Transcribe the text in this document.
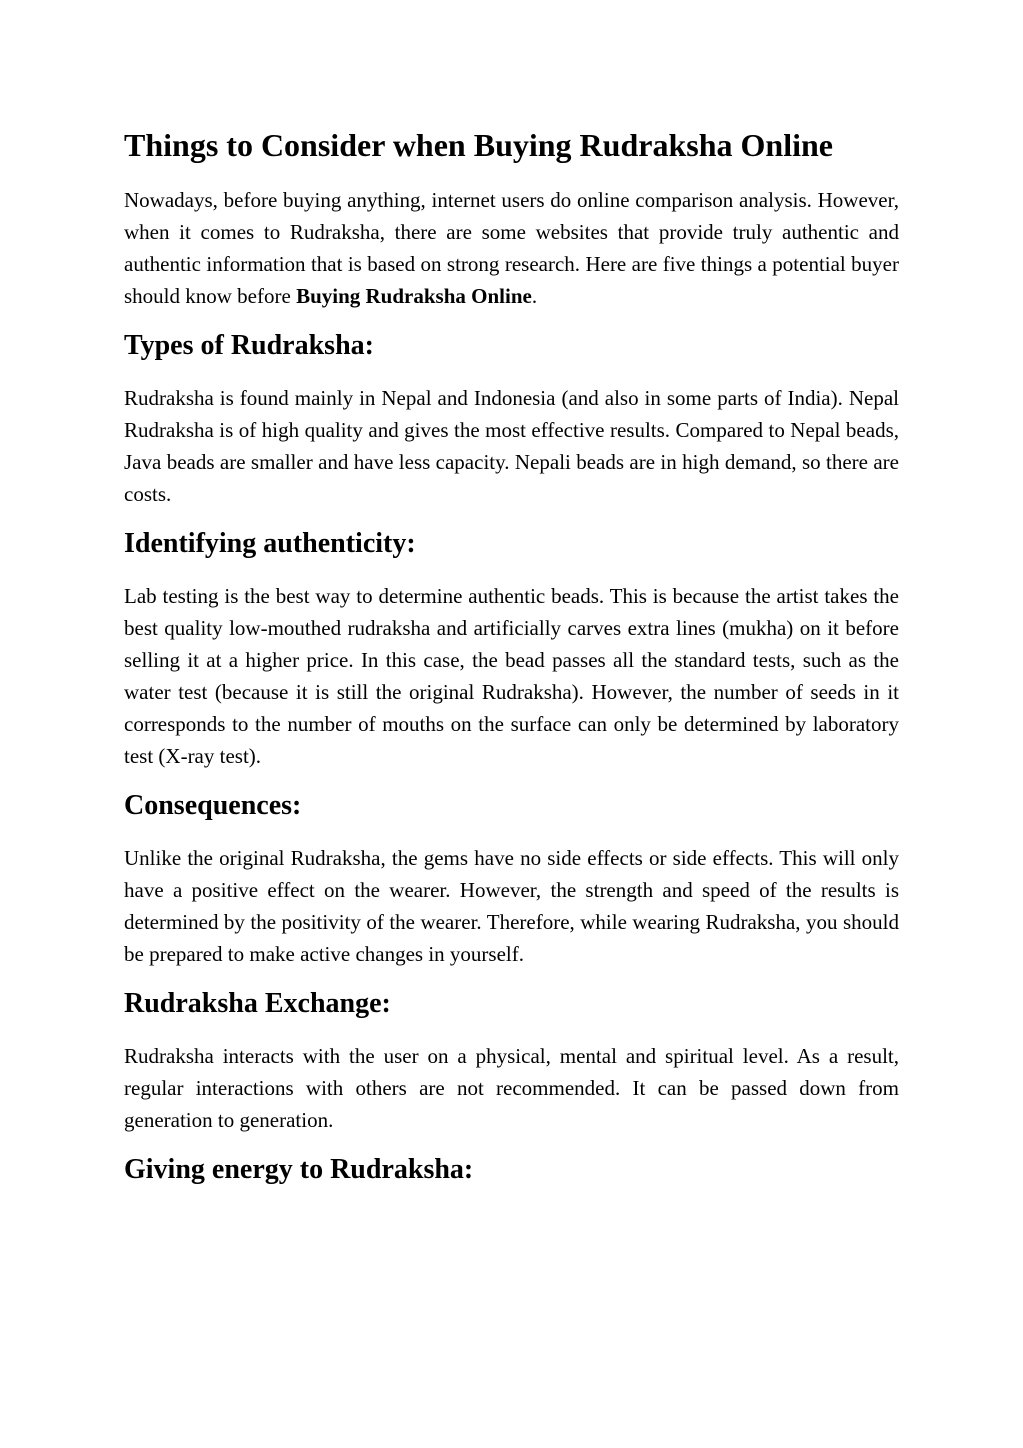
Things to Consider when Buying Rudraksha Online

Nowadays, before buying anything, internet users do online comparison analysis. However, when it comes to Rudraksha, there are some websites that provide truly authentic and authentic information that is based on strong research. Here are five things a potential buyer should know before Buying Rudraksha Online.

Types of Rudraksha:

Rudraksha is found mainly in Nepal and Indonesia (and also in some parts of India). Nepal Rudraksha is of high quality and gives the most effective results. Compared to Nepal beads, Java beads are smaller and have less capacity. Nepali beads are in high demand, so there are costs.

Identifying authenticity:

Lab testing is the best way to determine authentic beads. This is because the artist takes the best quality low-mouthed rudraksha and artificially carves extra lines (mukha) on it before selling it at a higher price. In this case, the bead passes all the standard tests, such as the water test (because it is still the original Rudraksha). However, the number of seeds in it corresponds to the number of mouths on the surface can only be determined by laboratory test (X-ray test).

Consequences:

Unlike the original Rudraksha, the gems have no side effects or side effects. This will only have a positive effect on the wearer. However, the strength and speed of the results is determined by the positivity of the wearer. Therefore, while wearing Rudraksha, you should be prepared to make active changes in yourself.

Rudraksha Exchange:

Rudraksha interacts with the user on a physical, mental and spiritual level. As a result, regular interactions with others are not recommended. It can be passed down from generation to generation.

Giving energy to Rudraksha:
